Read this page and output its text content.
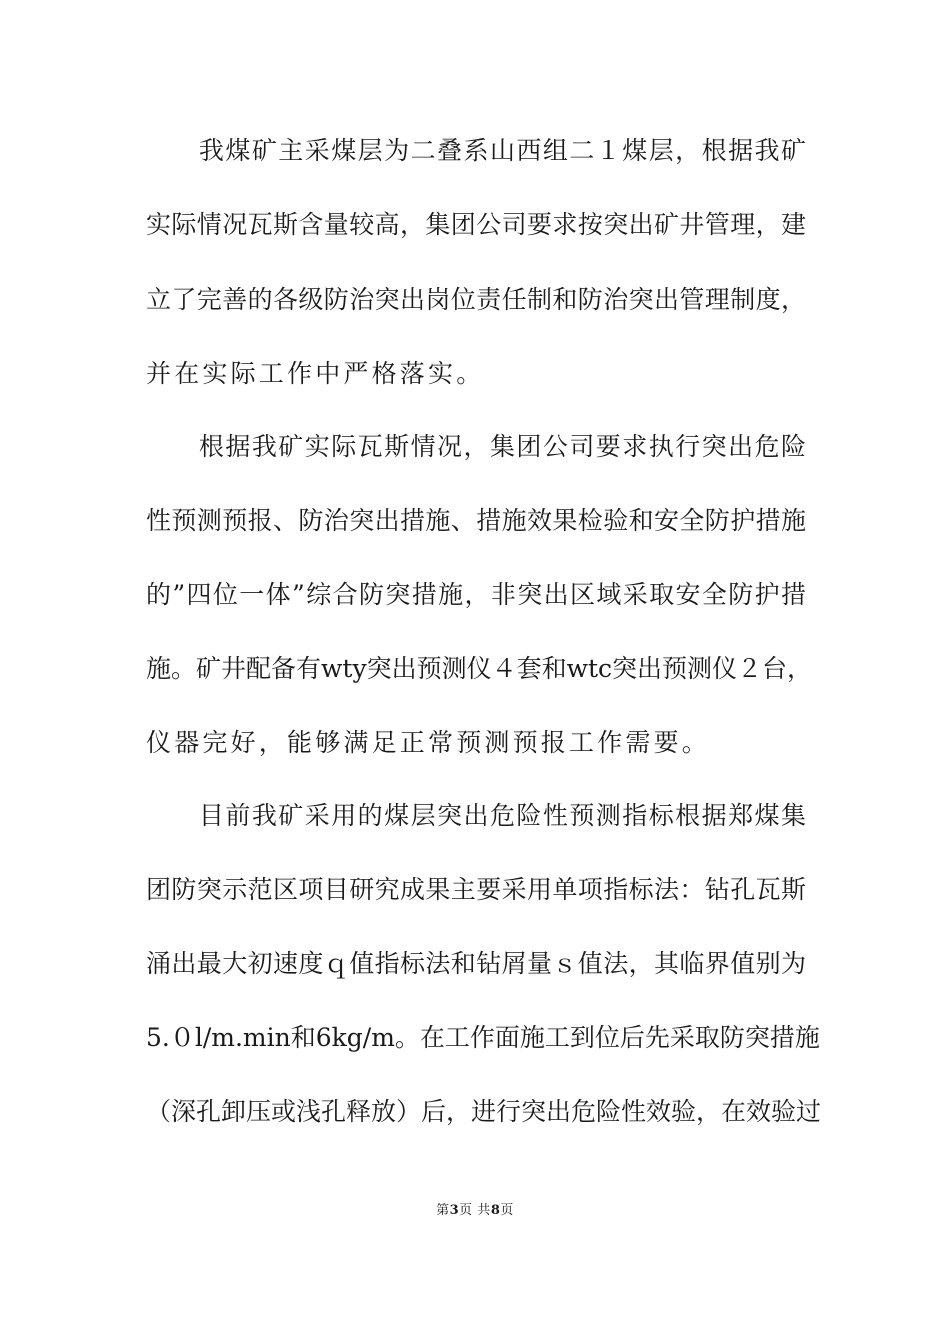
　　我煤矿主采煤层为二叠系山西组二１煤层，根据我矿
实际情况瓦斯含量较高，集团公司要求按突出矿井管理，建
立了完善的各级防治突出岗位责任制和防治突出管理制度，
并在实际工作中严格落实。
　　根据我矿实际瓦斯情况，集团公司要求执行突出危险
性预测预报、防治突出措施、措施效果检验和安全防护措施
的”四位一体”综合防突措施，非突出区域采取安全防护措
施。矿井配备有wty突出预测仪４套和wtc突出预测仪２台，
仪器完好，能够满足正常预测预报工作需要。
　　目前我矿采用的煤层突出危险性预测指标根据郑煤集
团防突示范区项目研究成果主要采用单项指标法：钻孔瓦斯
涌出最大初速度ｑ值指标法和钻屑量ｓ值法，其临界值别为
5.０l/m.min和6kg/m。在工作面施工到位后先采取防突措施
（深孔卸压或浅孔释放）后，进行突出危险性效验，在效验过
第3页 共8页
